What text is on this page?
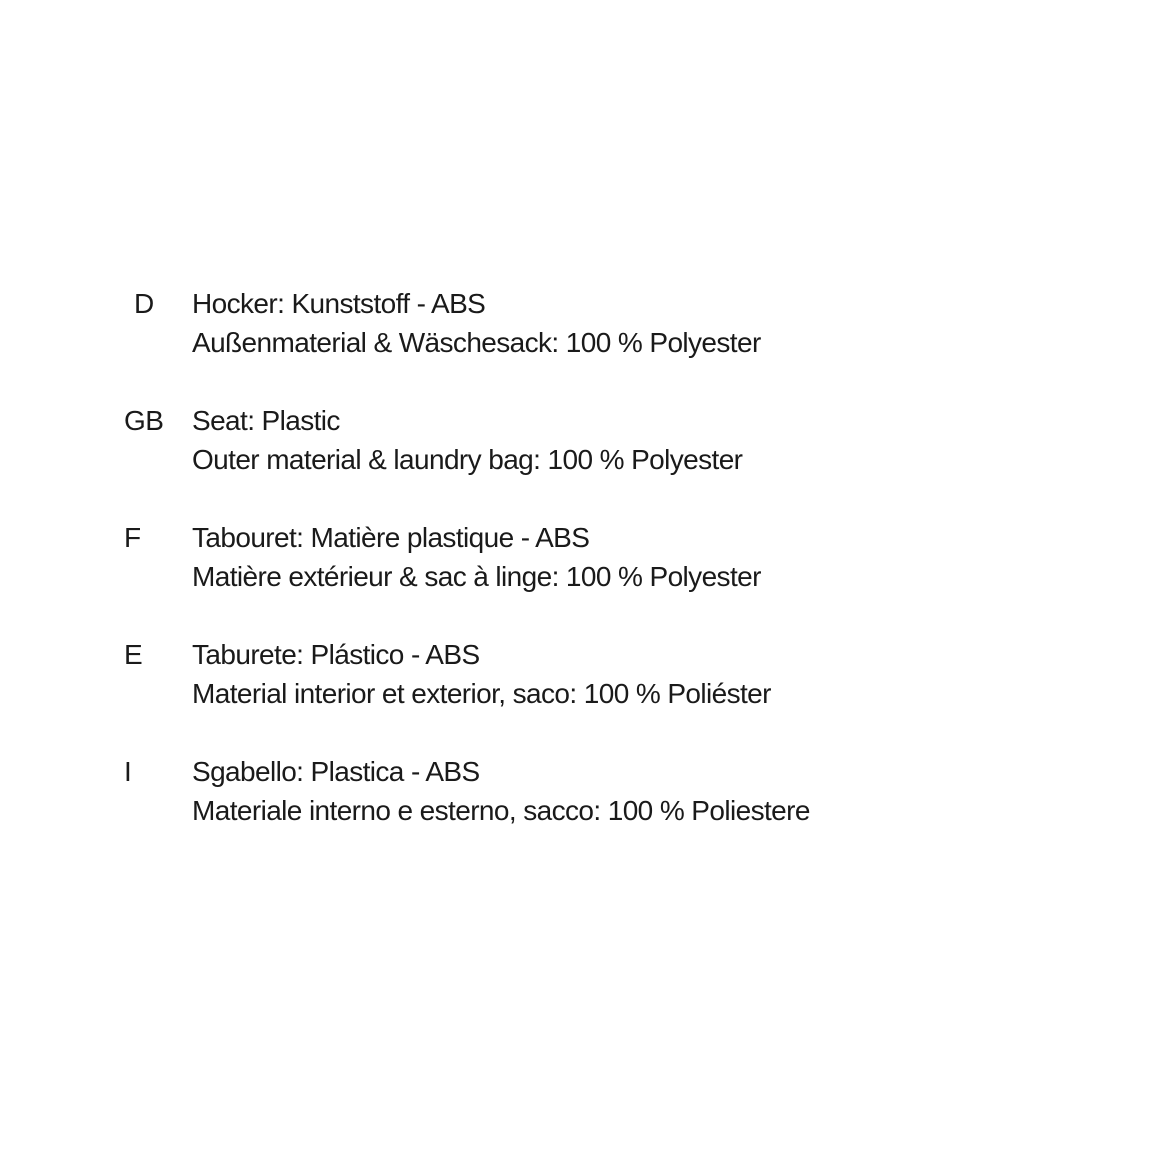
D	Hocker: Kunststoff - ABS
Außenmaterial & Wäschesack: 100 % Polyester
GB	Seat: Plastic
Outer material & laundry bag: 100 % Polyester
F	Tabouret: Matière plastique - ABS
Matière extérieur & sac à linge: 100 % Polyester
E	Taburete: Plástico - ABS
Material interior et exterior, saco: 100 % Poliéster
I	Sgabello: Plastica - ABS
Materiale interno e esterno, sacco: 100 % Poliestere
